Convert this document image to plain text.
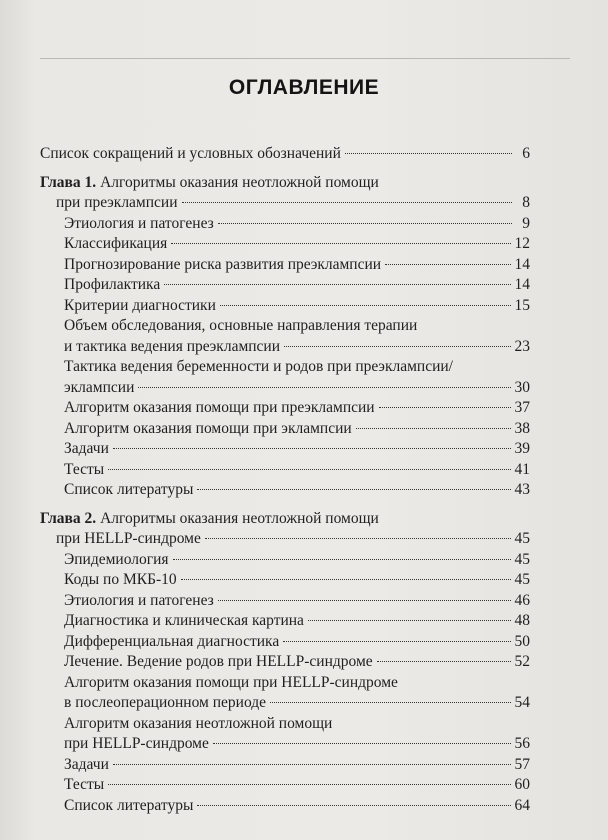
ОГЛАВЛЕНИЕ
Список сокращений и условных обозначений	6
Глава 1. Алгоритмы оказания неотложной помощи
при преэклампсии	8
Этиология и патогенез	9
Классификация	12
Прогнозирование риска развития преэклампсии	14
Профилактика	14
Критерии диагностики	15
Объем обследования, основные направления терапии
и тактика ведения преэклампсии	23
Тактика ведения беременности и родов при преэклампсии/
эклампсии	30
Алгоритм оказания помощи при преэклампсии	37
Алгоритм оказания помощи при эклампсии	38
Задачи	39
Тесты	41
Список литературы	43
Глава 2. Алгоритмы оказания неотложной помощи
при HELLP-синдроме	45
Эпидемиология	45
Коды по МКБ-10	45
Этиология и патогенез	46
Диагностика и клиническая картина	48
Дифференциальная диагностика	50
Лечение. Ведение родов при HELLP-синдроме	52
Алгоритм оказания помощи при HELLP-синдроме
в послеоперационном периоде	54
Алгоритм оказания неотложной помощи
при HELLP-синдроме	56
Задачи	57
Тесты	60
Список литературы	64
